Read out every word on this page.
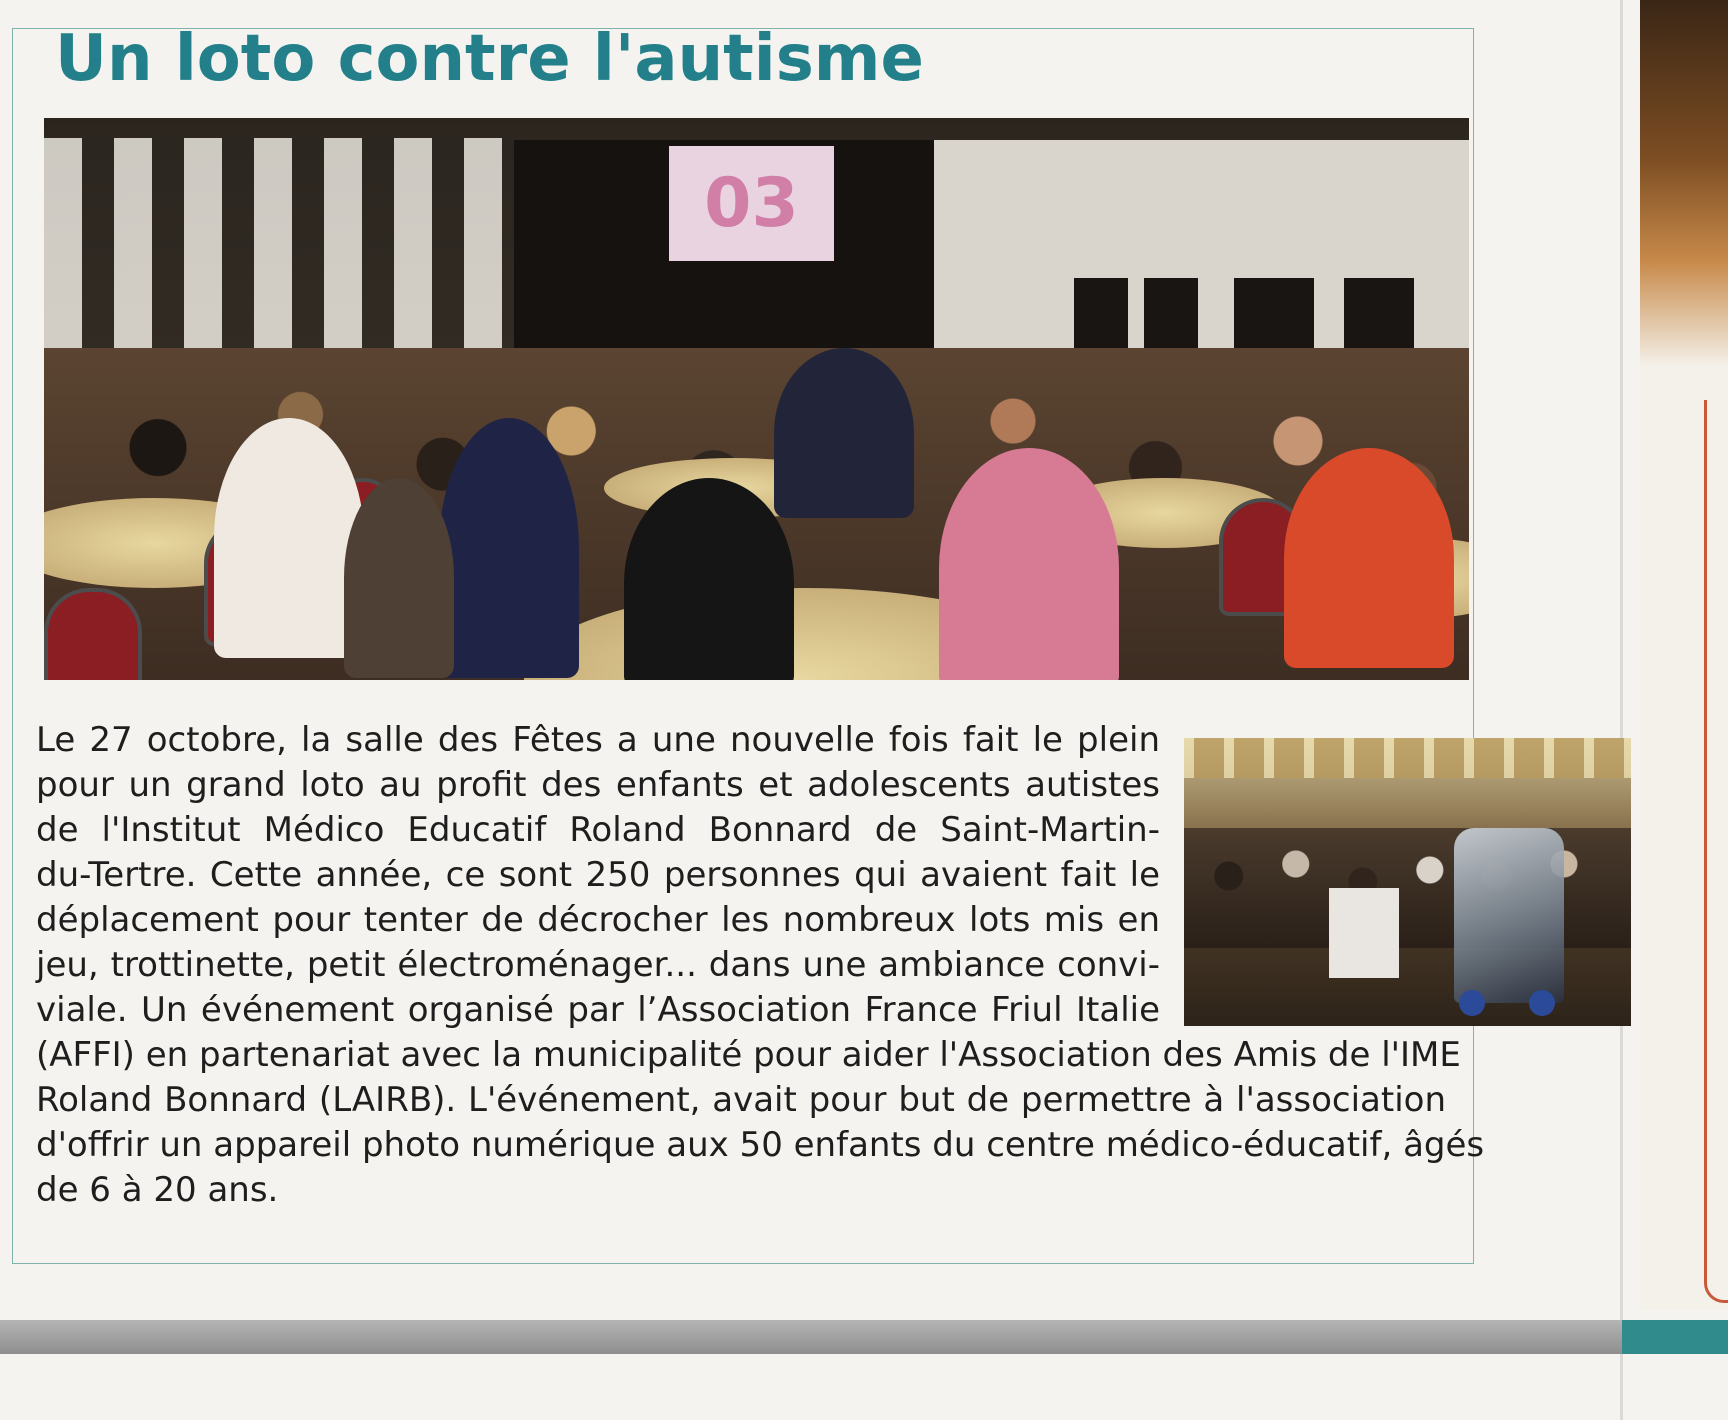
Un loto contre l'autisme
03
Le 27 octobre, la salle des Fêtes a une nouvelle fois fait le plein
pour un grand loto au profit des enfants et adolescents autistes
de l'Institut Médico Educatif Roland Bonnard de Saint-Martin-
du-Tertre. Cette année, ce sont 250 personnes qui avaient fait le
déplacement pour tenter de décrocher les nombreux lots mis en
jeu, trottinette, petit électroménager... dans une ambiance convi-
viale. Un événement organisé par l’Association France Friul Italie
(AFFI) en partenariat avec la municipalité pour aider l'Association des Amis de l'IME
Roland Bonnard (LAIRB). L'événement, avait pour but de permettre à l'association
d'offrir un appareil photo numérique aux 50 enfants du centre médico-éducatif, âgés
de 6 à 20 ans.
